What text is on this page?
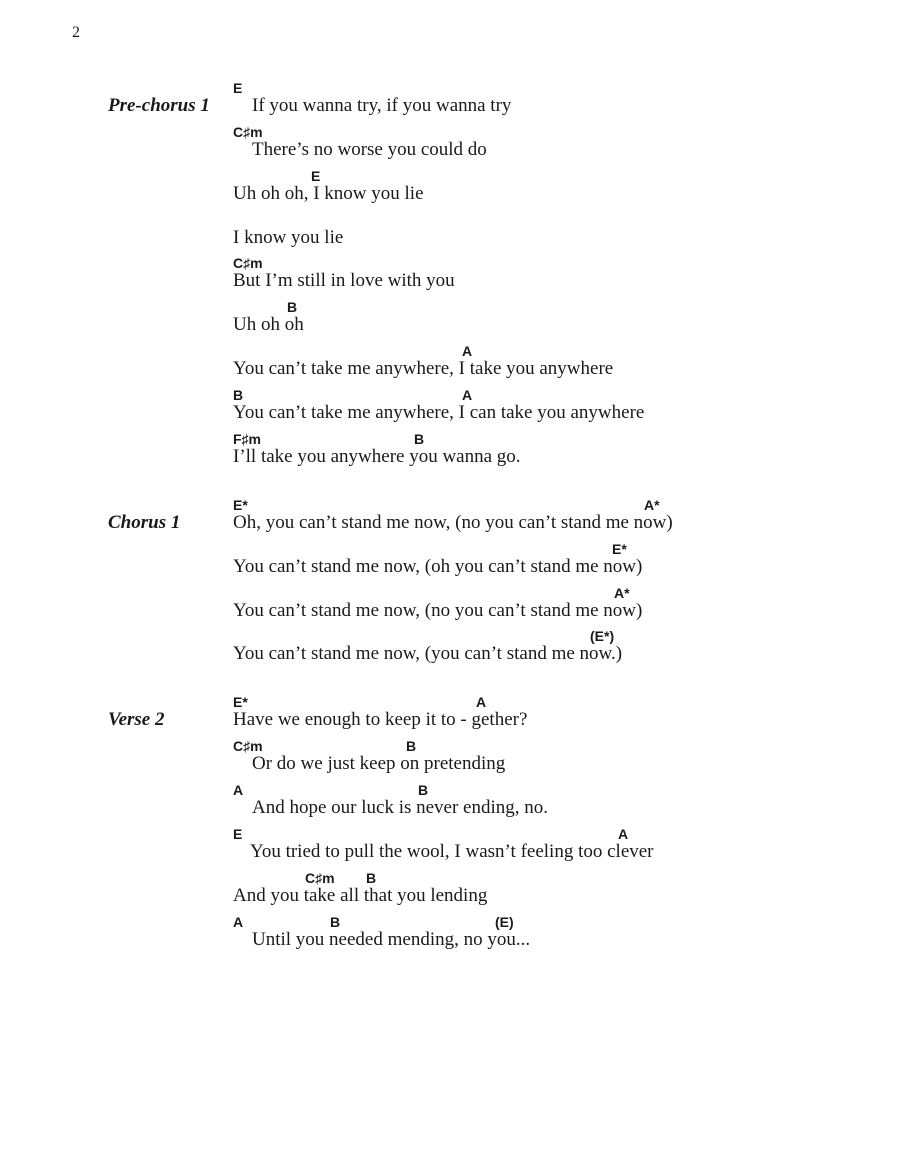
2
Pre-chorus 1
E
If you wanna try, if you wanna try
C♯m
There’s no worse you could do
E
Uh oh oh, I know you lie
I know you lie
C♯m
But I’m still in love with you
B
Uh oh oh
A
You can’t take me anywhere, I take you anywhere
B	A
You can’t take me anywhere, I can take you anywhere
F♯m	B
I’ll take you anywhere you wanna go.
Chorus 1
E*	A*
Oh, you can’t stand me now, (no you can’t stand me now)
E*
You can’t stand me now, (oh you can’t stand me now)
A*
You can’t stand me now, (no you can’t stand me now)
(E*)
You can’t stand me now, (you can’t stand me now.)
Verse 2
E*	A
Have we enough to keep it to - gether?
C♯m	B
Or do we just keep on pretending
A	B
And hope our luck is never ending, no.
E	A
You tried to pull the wool, I wasn’t feeling too clever
C♯m B
And you take all that you lending
A	B	(E)
Until you needed mending, no you...
